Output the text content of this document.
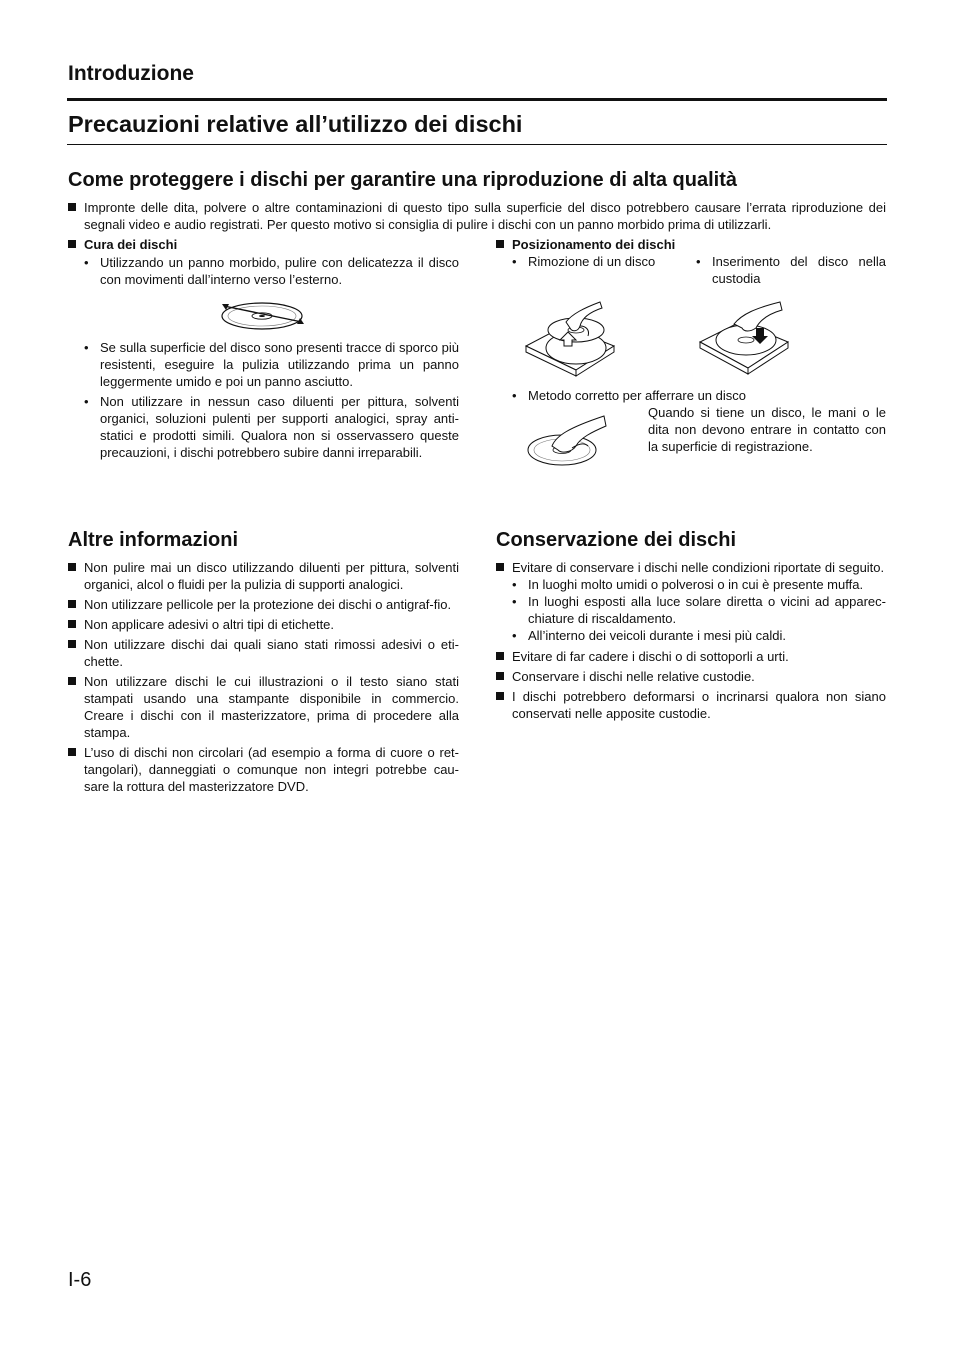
Introduzione
Precauzioni relative all’utilizzo dei dischi
Come proteggere i dischi per garantire una riproduzione di alta qualità
Impronte delle dita, polvere o altre contaminazioni di questo tipo sulla superficie del disco potrebbero causare l’errata riproduzione dei segnali video e audio registrati. Per questo motivo si consiglia di pulire i dischi con un panno morbido prima di utilizzarli.
Cura dei dischi
• Utilizzando un panno morbido, pulire con delicatezza il disco con movimenti dall’interno verso l’esterno.
• Se sulla superficie del disco sono presenti tracce di sporco più resistenti, eseguire la pulizia utilizzando prima un panno leggermente umido e poi un panno asciutto.
• Non utilizzare in nessun caso diluenti per pittura, solventi organici, soluzioni pulenti per supporti analogici, spray anti-statici e prodotti simili. Qualora non si osservassero queste precauzioni, i dischi potrebbero subire danni irreparabili.
Posizionamento dei dischi
• Rimozione di un disco	• Inserimento del disco nella custodia
• Metodo corretto per afferrare un disco
Quando si tiene un disco, le mani o le dita non devono entrare in contatto con la superficie di registrazione.
Altre informazioni
Non pulire mai un disco utilizzando diluenti per pittura, solventi organici, alcol o fluidi per la pulizia di supporti analogici.
Non utilizzare pellicole per la protezione dei dischi o antigraf-fio.
Non applicare adesivi o altri tipi di etichette.
Non utilizzare dischi dai quali siano stati rimossi adesivi o eti-chette.
Non utilizzare dischi le cui illustrazioni o il testo siano stati stampati usando una stampante disponibile in commercio. Creare i dischi con il masterizzatore, prima di procedere alla stampa.
L’uso di dischi non circolari (ad esempio a forma di cuore o ret-tangolari), danneggiati o comunque non integri potrebbe cau-sare la rottura del masterizzatore DVD.
Conservazione dei dischi
Evitare di conservare i dischi nelle condizioni riportate di seguito.
• In luoghi molto umidi o polverosi o in cui è presente muffa.
• In luoghi esposti alla luce solare diretta o vicini ad apparec-chiature di riscaldamento.
• All’interno dei veicoli durante i mesi più caldi.
Evitare di far cadere i dischi o di sottoporli a urti.
Conservare i dischi nelle relative custodie.
I dischi potrebbero deformarsi o incrinarsi qualora non siano conservati nelle apposite custodie.
I-6
